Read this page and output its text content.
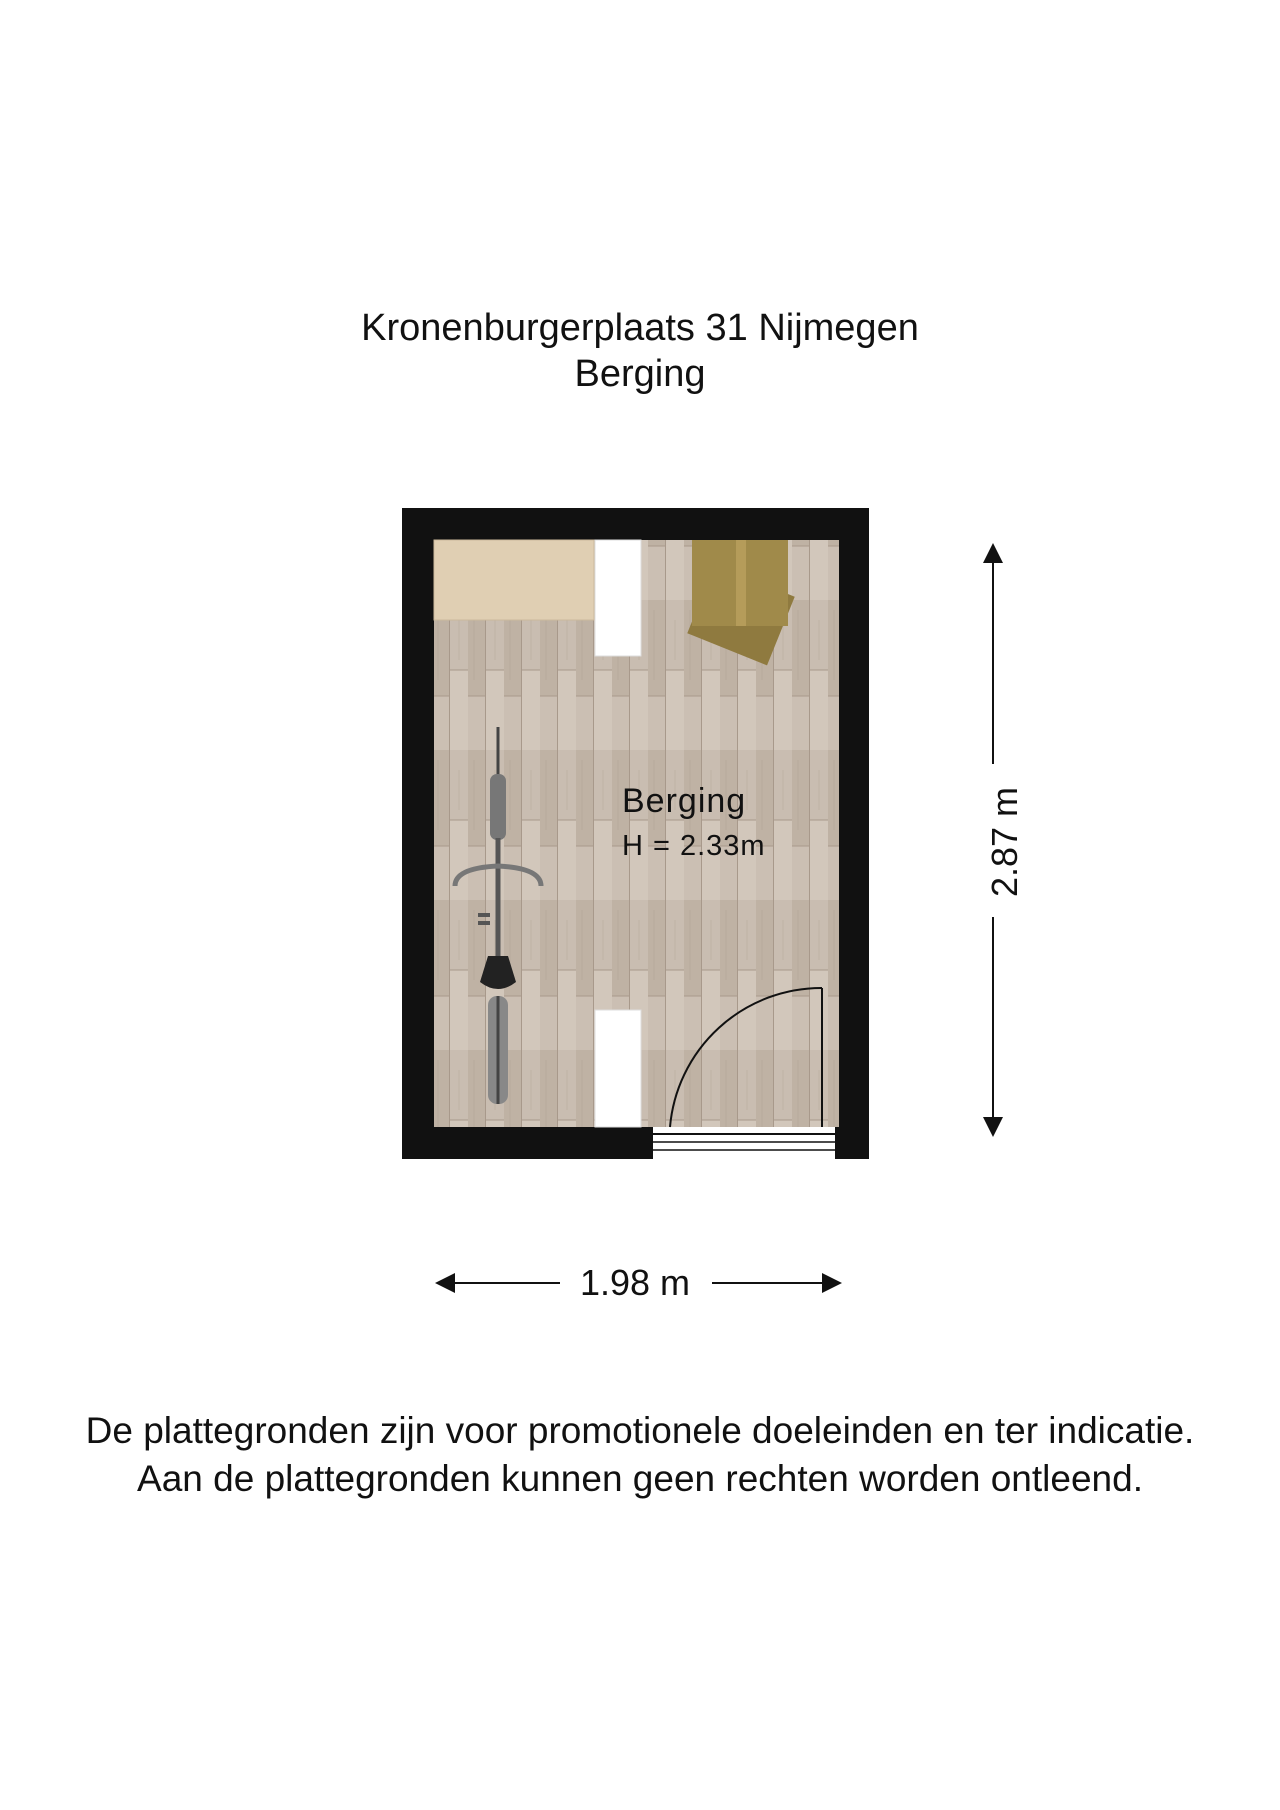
Kronenburgerplaats 31 Nijmegen
Berging
Berging
H = 2.33m
1.98 m
2.87 m
De plattegronden zijn voor promotionele doeleinden en ter indicatie.
Aan de plattegronden kunnen geen rechten worden ontleend.
